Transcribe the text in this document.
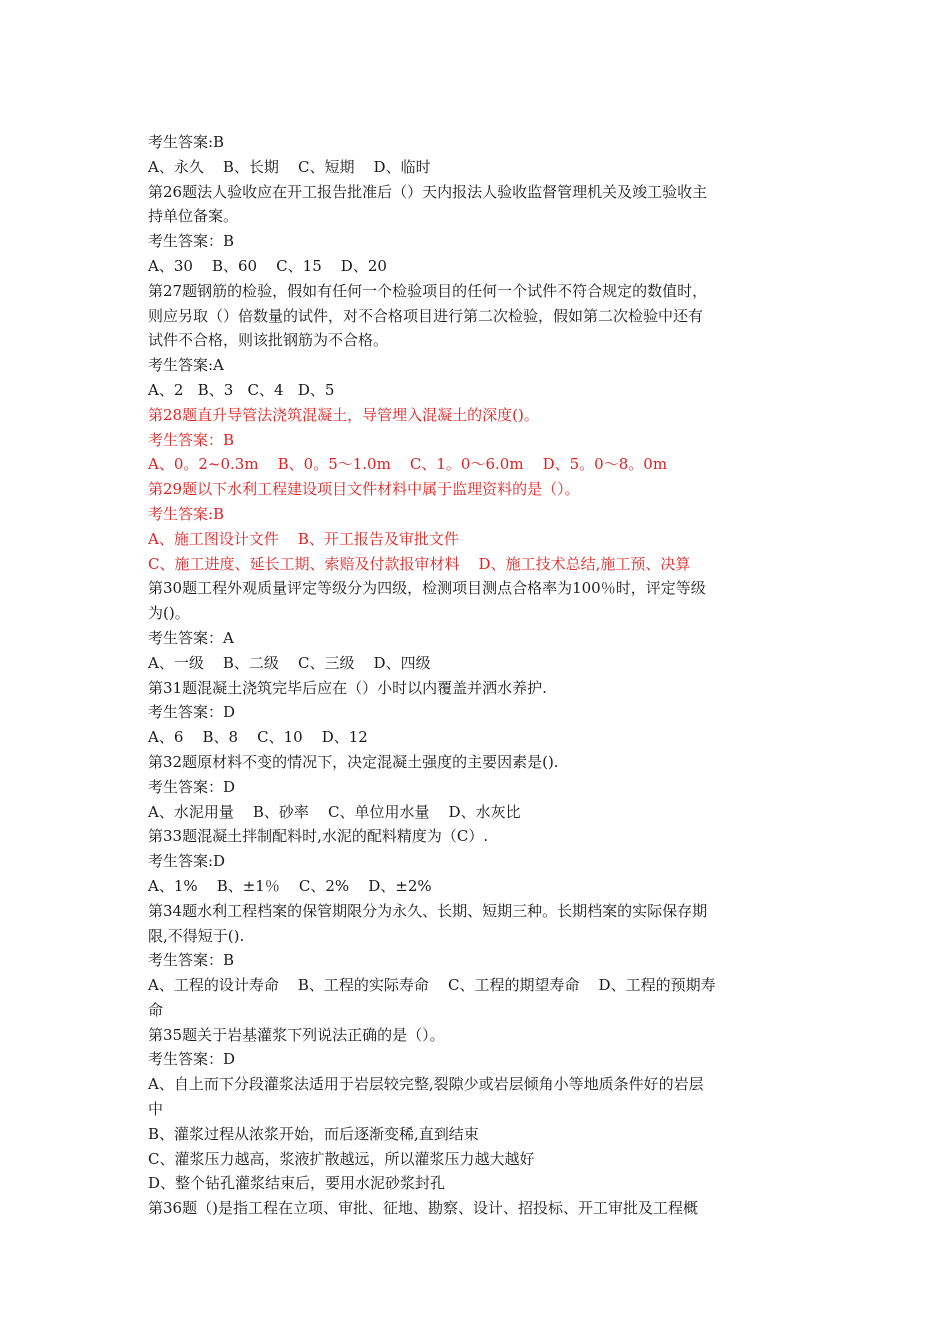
考生答案:B

A、永久    B、长期    C、短期    D、临时

第26题法人验收应在开工报告批准后（）天内报法人验收监督管理机关及竣工验收主

持单位备案。

考生答案：B

A、30    B、60    C、15    D、20

第27题钢筋的检验，假如有任何一个检验项目的任何一个试件不符合规定的数值时，

则应另取（）倍数量的试件，对不合格项目进行第二次检验，假如第二次检验中还有

试件不合格，则该批钢筋为不合格。

考生答案:A

A、2   B、3   C、4   D、5

第28题直升导管法浇筑混凝土，导管埋入混凝土的深度()。

考生答案：B

A、0。2~0.3m    B、0。5～1.0m    C、1。0～6.0m    D、5。0～8。0m

第29题以下水利工程建设项目文件材料中属于监理资料的是（）。

考生答案:B

A、施工图设计文件    B、开工报告及审批文件

C、施工进度、延长工期、索赔及付款报审材料    D、施工技术总结,施工预、决算

第30题工程外观质量评定等级分为四级，检测项目测点合格率为100％时，评定等级

为()。

考生答案：A

A、一级    B、二级    C、三级    D、四级

第31题混凝土浇筑完毕后应在（）小时以内覆盖并洒水养护.

考生答案：D

A、6    B、8    C、10    D、12

第32题原材料不变的情况下，决定混凝土强度的主要因素是().

考生答案：D

A、水泥用量    B、砂率    C、单位用水量    D、水灰比

第33题混凝土拌制配料时,水泥的配料精度为（C）.

考生答案:D

A、1%    B、±1％    C、2%    D、±2%

第34题水利工程档案的保管期限分为永久、长期、短期三种。长期档案的实际保存期

限,不得短于().

考生答案：B

A、工程的设计寿命    B、工程的实际寿命    C、工程的期望寿命    D、工程的预期寿

命

第35题关于岩基灌浆下列说法正确的是（）。

考生答案：D

A、自上而下分段灌浆法适用于岩层较完整,裂隙少或岩层倾角小等地质条件好的岩层

中

B、灌浆过程从浓浆开始，而后逐渐变稀,直到结束

C、灌浆压力越高，浆液扩散越远，所以灌浆压力越大越好

D、整个钻孔灌浆结束后，要用水泥砂浆封孔

第36题（)是指工程在立项、审批、征地、勘察、设计、招投标、开工审批及工程概
